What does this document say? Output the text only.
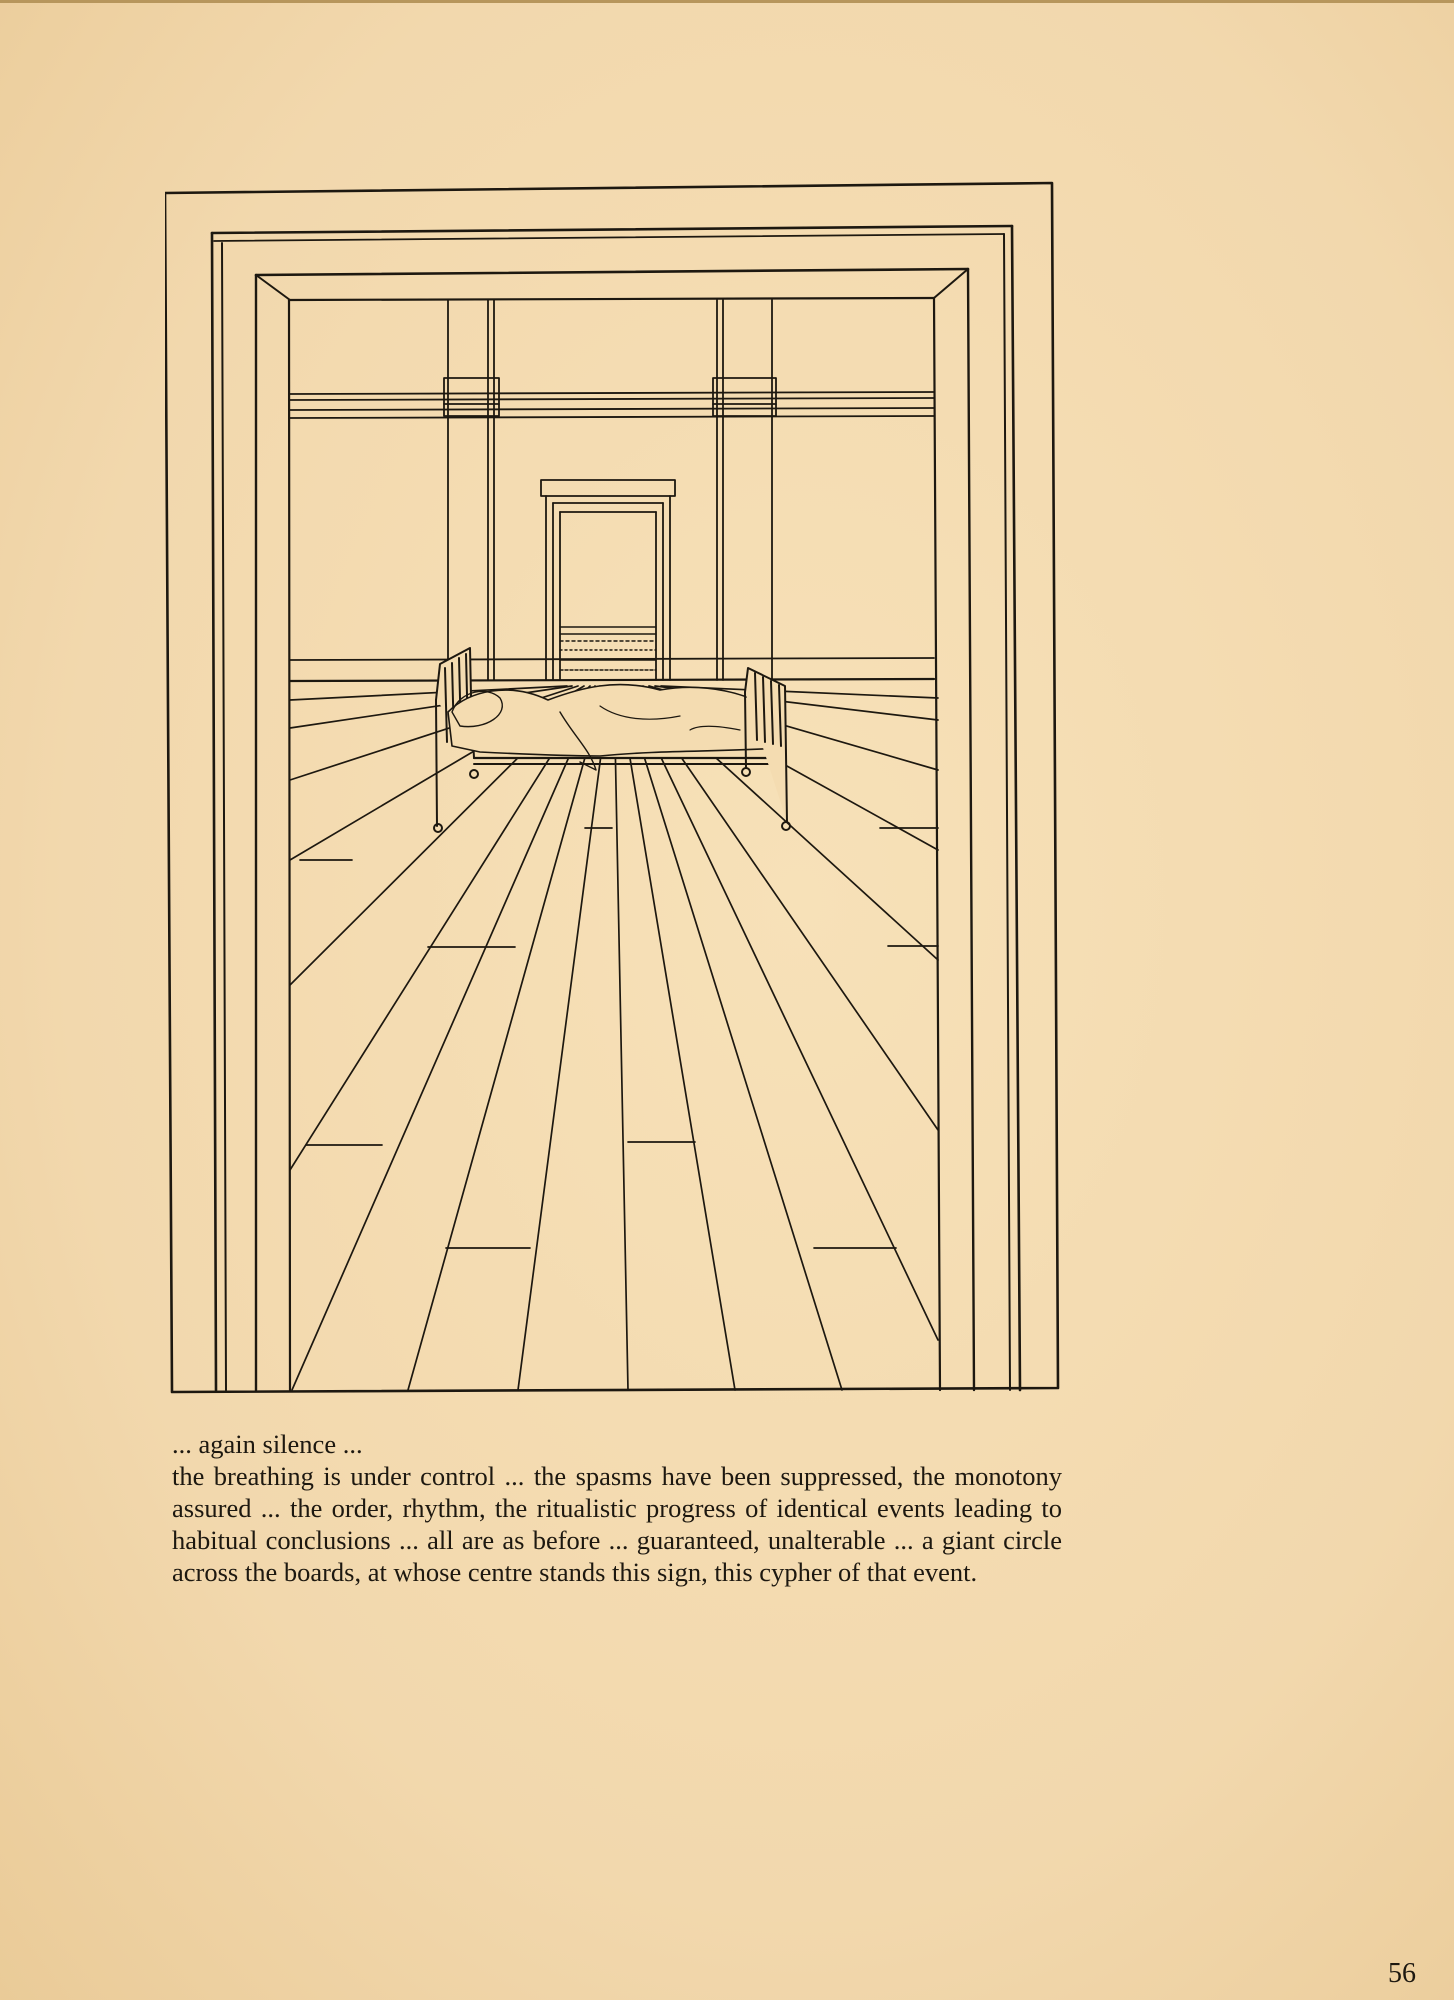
... again silence ...

the breathing is under control ... the spasms have been suppressed, the monotony assured ... the order, rhythm, the ritualistic progress of identical events leading to habitual conclusions ... all are as before ... guaranteed, unalterable ... a giant circle across the boards, at whose centre stands this sign, this cypher of that event.

56
